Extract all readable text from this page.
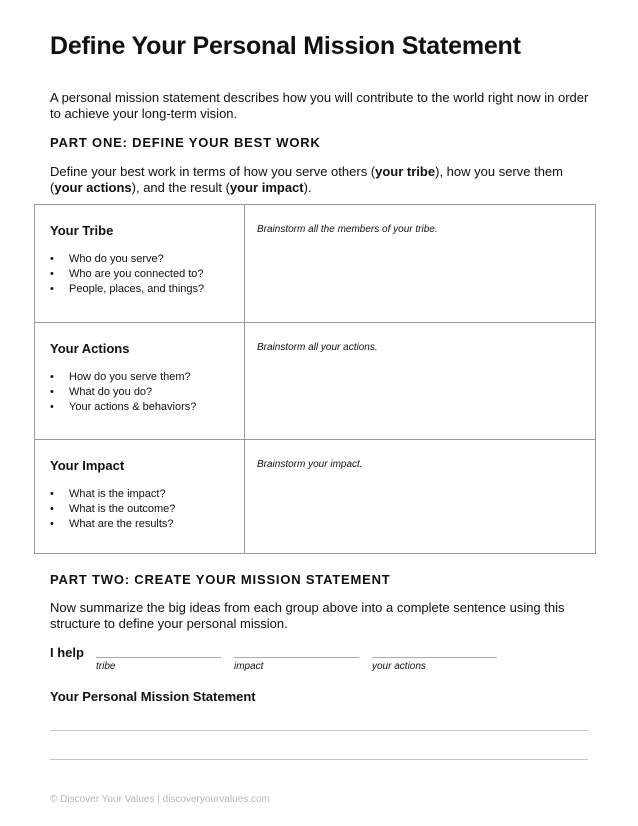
Define Your Personal Mission Statement
A personal mission statement describes how you will contribute to the world right now in order to achieve your long-term vision.
PART ONE: DEFINE YOUR BEST WORK
Define your best work in terms of how you serve others (your tribe), how you serve them (your actions), and the result (your impact).
Your Tribe
• Who do you serve?
• Who are you connected to?
• People, places, and things?
Brainstorm all the members of your tribe.
Your Actions
• How do you serve them?
• What do you do?
• Your actions & behaviors?
Brainstorm all your actions.
Your Impact
• What is the impact?
• What is the outcome?
• What are the results?
Brainstorm your impact.
PART TWO: CREATE YOUR MISSION STATEMENT
Now summarize the big ideas from each group above into a complete sentence using this structure to define your personal mission.
I help
tribe	impact	your actions
Your Personal Mission Statement
© Discover Your Values | discoveryourvalues.com
